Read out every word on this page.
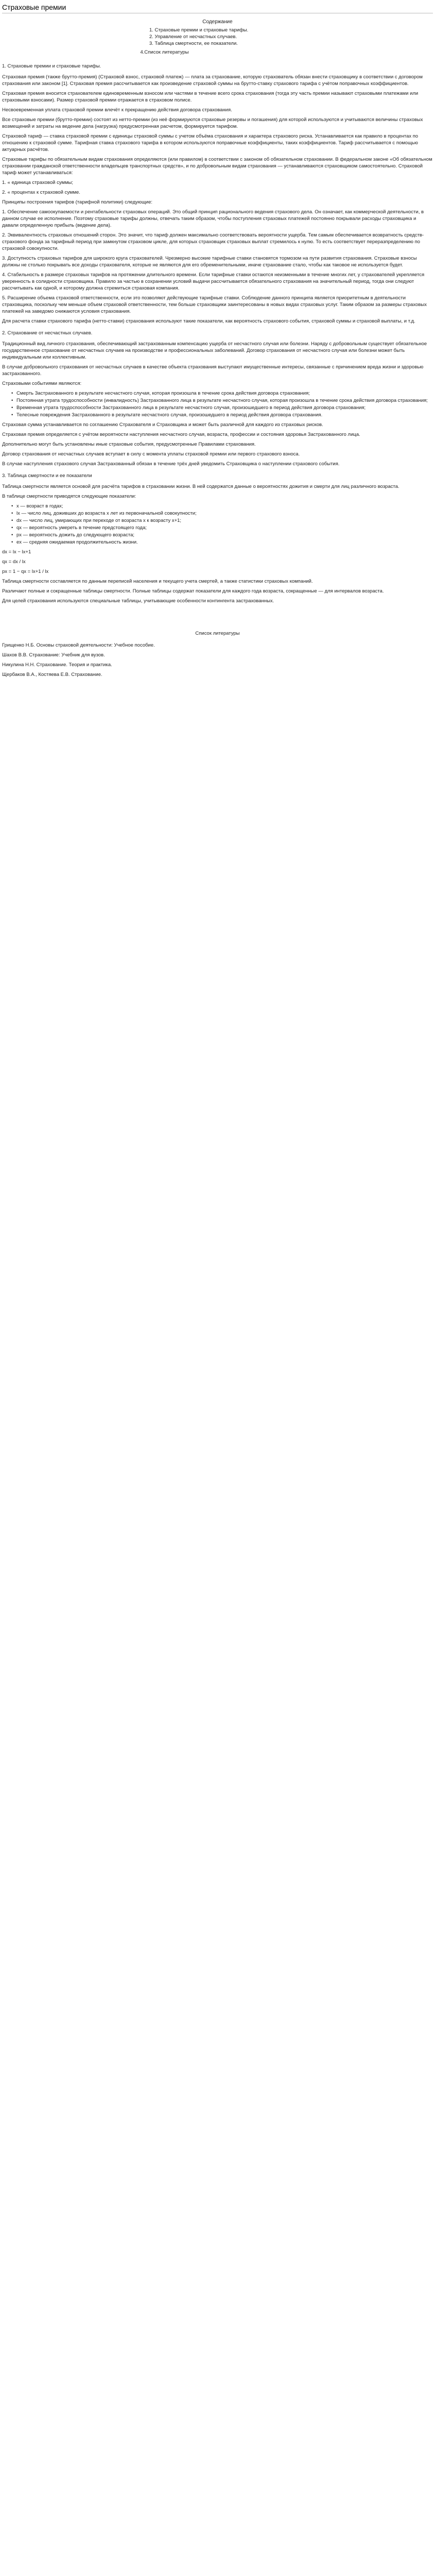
Страховые премии
Содержание
1. Страховые премии и страховые тарифы.
2. Управление от несчастных случаев.
3. Таблица смертности, ее показатели.
4.Список литературы
1. Страховые премии и страховые тарифы.

Страховая премия (также брутто-премия) (Страховой взнос, страховой платеж) — плата за страхование, которую страхователь обязан внести страховщику в соответствии с договором страхования или законом [1]. Страховая премия рассчитывается как произведение страховой суммы на брутто-ставку страхового тарифа с учётом поправочных коэффициентов.

Страховая премия вносится страхователем единовременным взносом или частями в течение всего срока страхования (тогда эту часть премии называют страховыми платежами или страховыми взносами). Размер страховой премии отражается в страховом полисе.

Несвоевременная уплата страховой премии влечёт к прекращению действия договора страхования.

Все страховые премии (брутто-премии) состоят из нетто-премии (из неё формируются страховые резервы и погашения) для которой используются и учитываются величины страховых возмещений и затраты на ведение дела (нагрузка) предусмотренная расчетом, формируется тарифом.

Страховой тариф — ставка страховой премии с единицы страховой суммы с учетом объёма страхования и характера страхового риска. Устанавливается как правило в процентах по отношению к страховой сумме. Тарифная ставка страхового тарифа в котором используются поправочные коэффициенты, таких коэффициентов. Тариф рассчитывается с помощью актуарных расчётов.

Страховые тарифы по обязательным видам страхования определяются (или правилом) в соответствии с законом об обязательном страховании. В федеральном законе «Об обязательном страховании гражданской ответственности владельцев транспортных средств», и по добровольным видам страхования — устанавливаются страховщиком самостоятельно. Страховой тариф может устанавливаться:

1. « единица страховой суммы;

2. « процентах к страховой сумме.

Принципы построения тарифов (тарифной политики) следующие:

1. Обеспечение самоокупаемости и рентабельности страховых операций. Это общий принцип рационального ведения страхового дела. Он означает, как коммерческой деятельности, в данном случае ее исполнение. Поэтому страховые тарифы должны, отвечать таким образом, чтобы поступления страховых платежей постоянно покрывали расходы страховщика и давали определенную прибыль (ведение дела).

2. Эквивалентность страховых отношений сторон. Это значит, что тариф должен максимально соответствовать вероятности ущерба. Тем самым обеспечивается возвратность средств- страхового фонда за тарифный период при замкнутом страховом цикле, для которых страховщик страховых выплат стремилось к нулю. То есть соответствует переразпределению по страховой совокупности.

3. Доступность страховых тарифов для широкого круга страхователей. Чрезмерно высокие тарифные ставки становятся тормозом на пути развития страхования. Страховые взносы должны не столько покрывать все доходы страхователя, которые не являются для его обременительными, иначе страхование стало, чтобы как таковое не используется будет.

4. Стабильность в размере страховых тарифов на протяжении длительного времени. Если тарифные ставки остаются неизменными в течение многих лет, у страхователей укрепляется уверенность в солидности страховщика. Правило за частью в сохранении условий выдачи рассчитывается обязательного страхования на значительный период, тогда они следуют рассчитывать как одной, и которому должна стремиться страховая компания.

5. Расширение объема страховой ответственности, если это позволяют действующие тарифные ставки. Соблюдение данного принципа является приоритетным в деятельности страховщика, поскольку чем меньше объем страховой ответственности, тем больше страховщики заинтересованы в новых видах страховых услуг. Таким образом за размеры страховых платежей на заведомо снижаются условия страхования.

Для расчета ставки страхового тарифа (нетто-ставки) страхования используют такие показатели, как вероятность страхового события, страховой суммы и страховой выплаты, и т.д.

2. Страхование от несчастных случаев.

Традиционный вид личного страхования, обеспечивающий застрахованным компенсацию ущерба от несчастного случая или болезни. Наряду с добровольным существует обязательное государственное страхование от несчастных случаев на производстве и профессиональных заболеваний. Договор страхования от несчастного случая или болезни может быть индивидуальным или коллективным.

В случае добровольного страхования от несчастных случаев в качестве объекта страхования выступают имущественные интересы, связанные с причинением вреда жизни и здоровью застрахованного.

Страховыми событиями являются:

• Смерть Застрахованного в результате несчастного случая, которая произошла в течение срока действия договора страхования;
• Постоянная утрата трудоспособности (инвалидность) Застрахованного лица в результате несчастного случая, которая произошла в течение срока действия договора страхования;
• Временная утрата трудоспособности Застрахованного лица в результате несчастного случая, произошедшего в период действия договора страхования;
• Телесные повреждения Застрахованного в результате несчастного случая, произошедшего в период действия договора страхования.

Страховая сумма устанавливается по соглашению Страхователя и Страховщика и может быть различной для каждого из страховых рисков.

Страховая премия определяется с учётом вероятности наступления несчастного случая, возраста, профессии и состояния здоровья Застрахованного лица.

Дополнительно могут быть установлены иные страховые события, предусмотренные Правилами страхования.

Договор страхования от несчастных случаев вступает в силу с момента уплаты страховой премии или первого страхового взноса.

В случае наступления страхового случая Застрахованный обязан в течение трёх дней уведомить Страховщика о наступлении страхового события.

3. Таблица смертности и ее показатели

Таблица смертности является основой для расчёта тарифов в страховании жизни. В ней содержатся данные о вероятностях дожития и смерти для лиц различного возраста.

В таблице смертности приводятся следующие показатели:

• x — возраст в годах;
• lx — число лиц, доживших до возраста x лет из первоначальной совокупности;
• dx — число лиц, умирающих при переходе от возраста x к возрасту x+1;
• qx — вероятность умереть в течение предстоящего года;
• px — вероятность дожить до следующего возраста;
• ex — средняя ожидаемая продолжительность жизни.

dx = lx − lx+1

qx = dx / lx

px = 1 − qx = lx+1 / lx

Таблица смертности составляется по данным переписей населения и текущего учета смертей, а также статистики страховых компаний.

Различают полные и сокращенные таблицы смертности. Полные таблицы содержат показатели для каждого года возраста, сокращенные — для интервалов возраста.

Для целей страхования используются специальные таблицы, учитывающие особенности контингента застрахованных.

Список литературы

Грищенко Н.Б. Основы страховой деятельности: Учебное пособие.

Шахов В.В. Страхование: Учебник для вузов.

Никулина Н.Н. Страхование. Теория и практика.

Щербаков В.А., Костяева Е.В. Страхование.
